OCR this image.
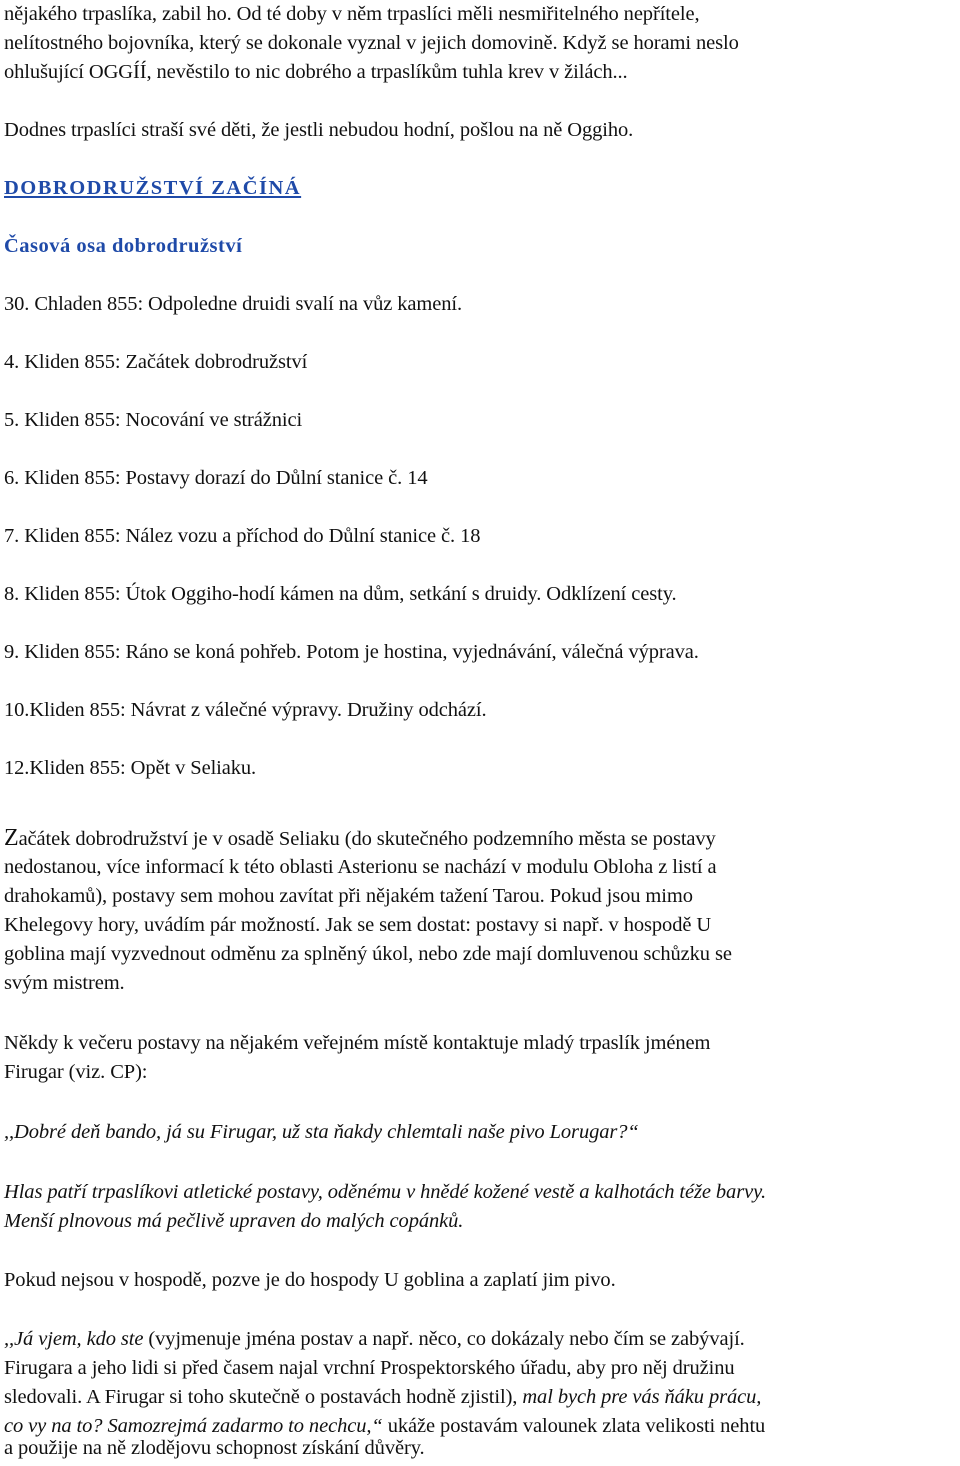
nějakého trpaslíka, zabil ho. Od té doby v něm trpaslíci měli nesmiřitelného nepřítele,
nelítostného bojovníka, který se dokonale vyznal v jejich domovině. Když se horami neslo
ohlušující OGGÍÍ, nevěstilo to nic dobrého a trpaslíkům tuhla krev v žilách...
Dodnes trpaslíci straší své děti, že jestli nebudou hodní, pošlou na ně Oggiho.
DOBRODRUŽSTVÍ ZAČÍNÁ
Časová osa dobrodružství
30. Chladen 855: Odpoledne druidi svalí na vůz kamení.
4. Kliden 855: Začátek dobrodružství
5. Kliden 855: Nocování ve strážnici
6. Kliden 855: Postavy dorazí do Důlní stanice č. 14
7. Kliden 855: Nález vozu a příchod do Důlní stanice č. 18
8. Kliden 855: Útok Oggiho-hodí kámen na dům, setkání s druidy. Odklízení cesty.
9. Kliden 855: Ráno se koná pohřeb. Potom je hostina, vyjednávání, válečná výprava.
10.Kliden 855: Návrat z válečné výpravy. Družiny odchází.
12.Kliden 855: Opět v Seliaku.
Začátek dobrodružství je v osadě Seliaku (do skutečného podzemního města se postavy
nedostanou, více informací k této oblasti Asterionu se nachází v modulu Obloha z listí a
drahokamů), postavy sem mohou zavítat při nějakém tažení Tarou. Pokud jsou mimo
Khelegovy hory, uvádím pár možností. Jak se sem dostat: postavy si např. v hospodě U
goblina mají vyzvednout odměnu za splněný úkol, nebo zde mají domluvenou schůzku se
svým mistrem.
Někdy k večeru postavy na nějakém veřejném místě kontaktuje mladý trpaslík jménem
Firugar (viz. CP):
,,Dobré deň bando, já su Firugar, už sta ňakdy chlemtali naše pivo Lorugar?“
Hlas patří trpaslíkovi atletické postavy, oděnému v hnědé kožené vestě a kalhotách téže barvy.
Menší plnovous má pečlivě upraven do malých copánků.
Pokud nejsou v hospodě, pozve je do hospody U goblina a zaplatí jim pivo.
,,Já vjem, kdo ste (vyjmenuje jména postav a např. něco, co dokázaly nebo čím se zabývají.
Firugara a jeho lidi si před časem najal vrchní Prospektorského úřadu, aby pro něj družinu
sledovali. A Firugar si toho skutečně o postavách hodně zjistil), mal bych pre vás ňáku prácu,
co vy na to? Samozrejmá zadarmo to nechcu,“ ukáže postavám valounek zlata velikosti nehtu
a použije na ně zlodějovu schopnost získání důvěry.
